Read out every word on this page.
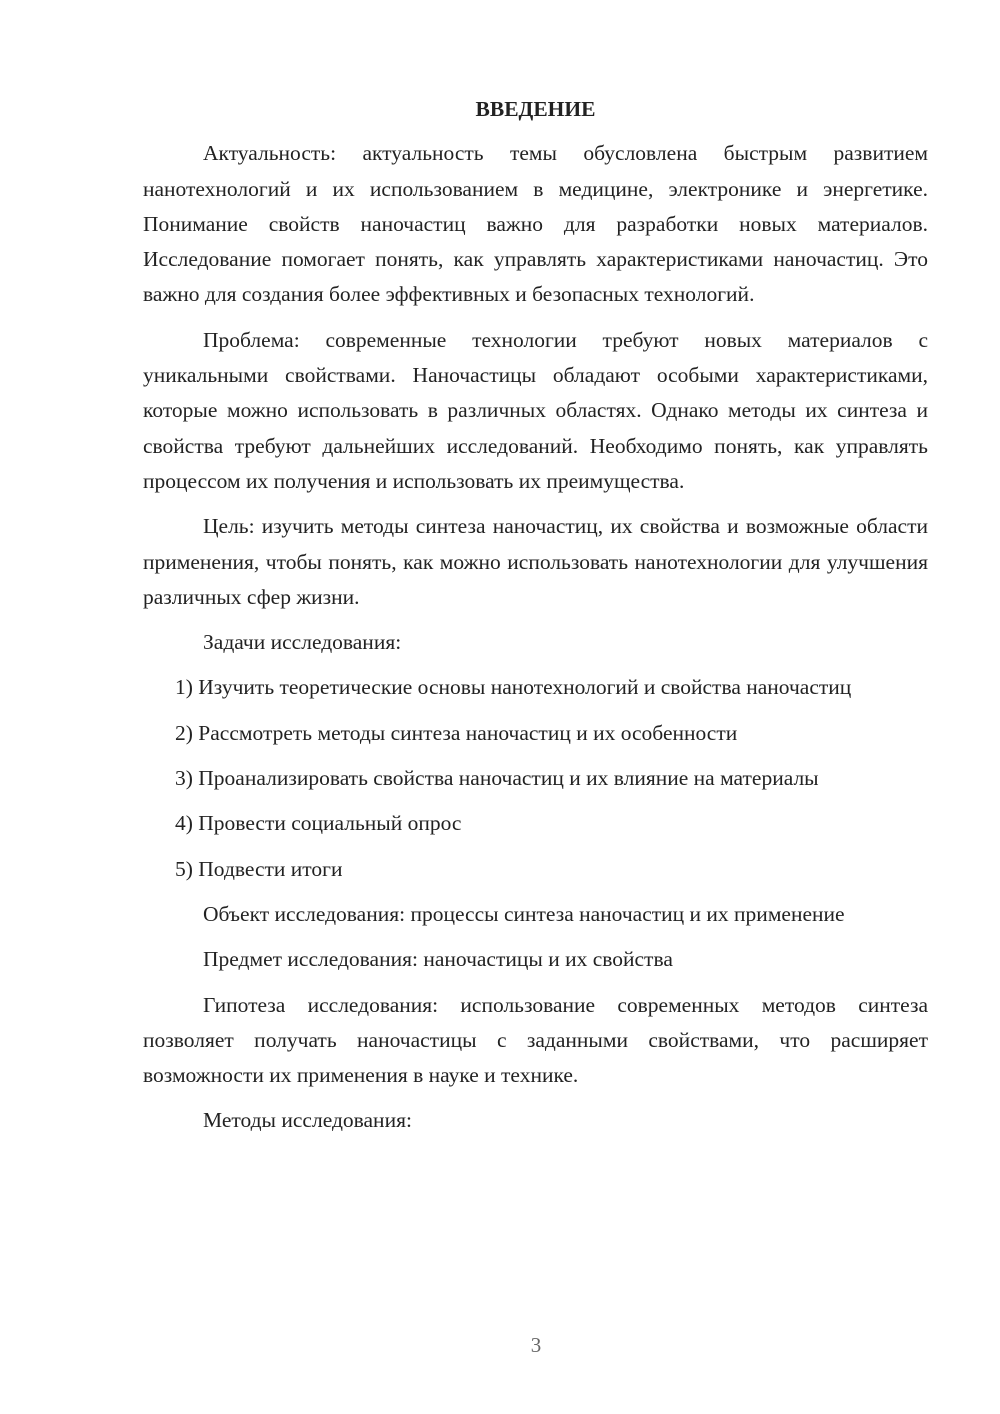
ВВЕДЕНИЕ

Актуальность: актуальность темы обусловлена быстрым развитием нанотехнологий и их использованием в медицине, электронике и энергетике. Понимание свойств наночастиц важно для разработки новых материалов. Исследование помогает понять, как управлять характеристиками наночастиц. Это важно для создания более эффективных и безопасных технологий.

Проблема: современные технологии требуют новых материалов с уникальными свойствами. Наночастицы обладают особыми характеристиками, которые можно использовать в различных областях. Однако методы их синтеза и свойства требуют дальнейших исследований. Необходимо понять, как управлять процессом их получения и использовать их преимущества.

Цель: изучить методы синтеза наночастиц, их свойства и возможные области применения, чтобы понять, как можно использовать нанотехнологии для улучшения различных сфер жизни.

Задачи исследования:

1) Изучить теоретические основы нанотехнологий и свойства наночастиц

2) Рассмотреть методы синтеза наночастиц и их особенности

3) Проанализировать свойства наночастиц и их влияние на материалы

4) Провести социальный опрос

5) Подвести итоги

Объект исследования: процессы синтеза наночастиц и их применение

Предмет исследования: наночастицы и их свойства

Гипотеза исследования: использование современных методов синтеза позволяет получать наночастицы с заданными свойствами, что расширяет возможности их применения в науке и технике.

Методы исследования:

3
